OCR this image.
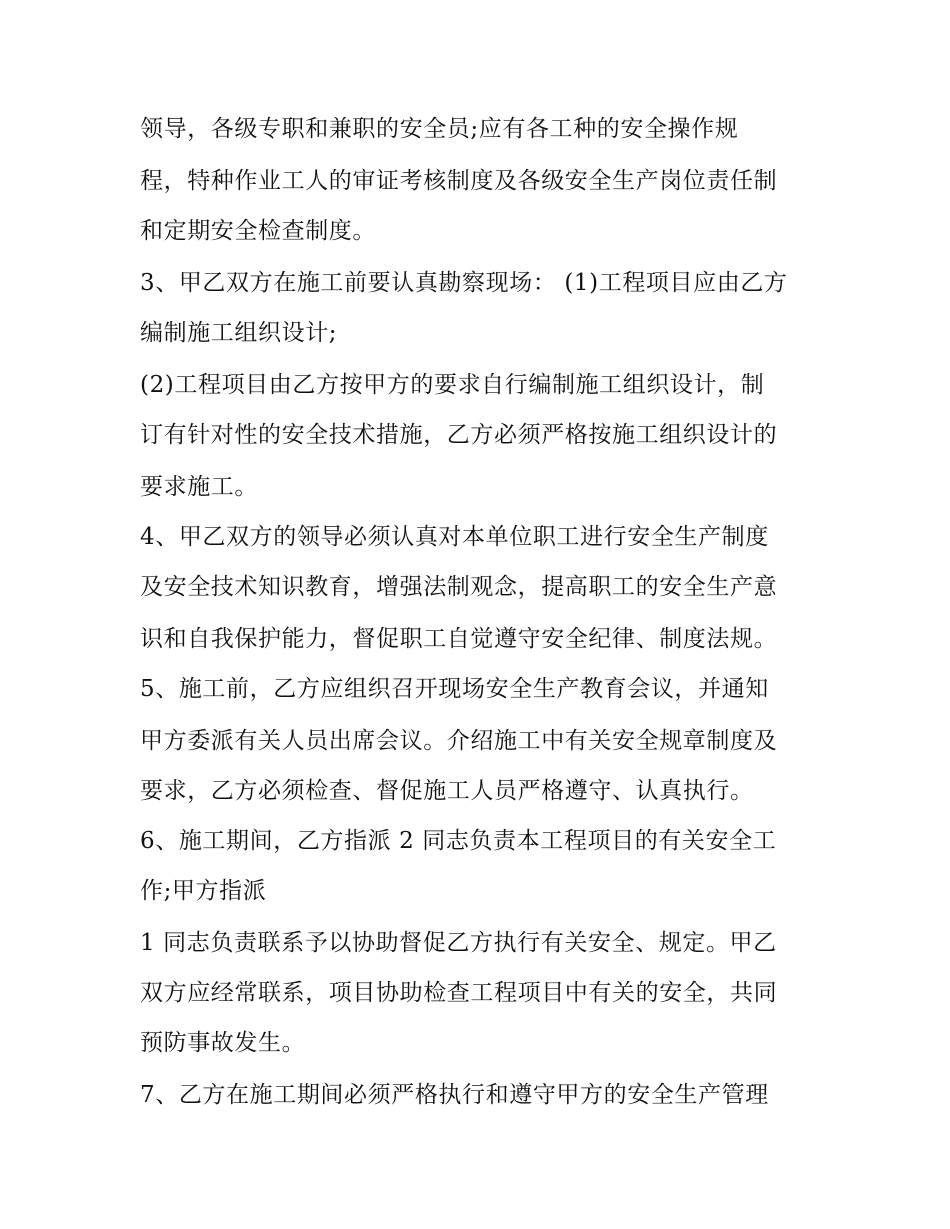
领导，各级专职和兼职的安全员;应有各工种的安全操作规
程，特种作业工人的审证考核制度及各级安全生产岗位责任制
和定期安全检查制度。
3、甲乙双方在施工前要认真勘察现场： (1)工程项目应由乙方
编制施工组织设计;
(2)工程项目由乙方按甲方的要求自行编制施工组织设计，制
订有针对性的安全技术措施，乙方必须严格按施工组织设计的
要求施工。
4、甲乙双方的领导必须认真对本单位职工进行安全生产制度
及安全技术知识教育，增强法制观念，提高职工的安全生产意
识和自我保护能力，督促职工自觉遵守安全纪律、制度法规。
5、施工前，乙方应组织召开现场安全生产教育会议，并通知
甲方委派有关人员出席会议。介绍施工中有关安全规章制度及
要求，乙方必须检查、督促施工人员严格遵守、认真执行。
6、施工期间，乙方指派 2 同志负责本工程项目的有关安全工
作;甲方指派
1 同志负责联系予以协助督促乙方执行有关安全、规定。甲乙
双方应经常联系，项目协助检查工程项目中有关的安全，共同
预防事故发生。
7、乙方在施工期间必须严格执行和遵守甲方的安全生产管理
